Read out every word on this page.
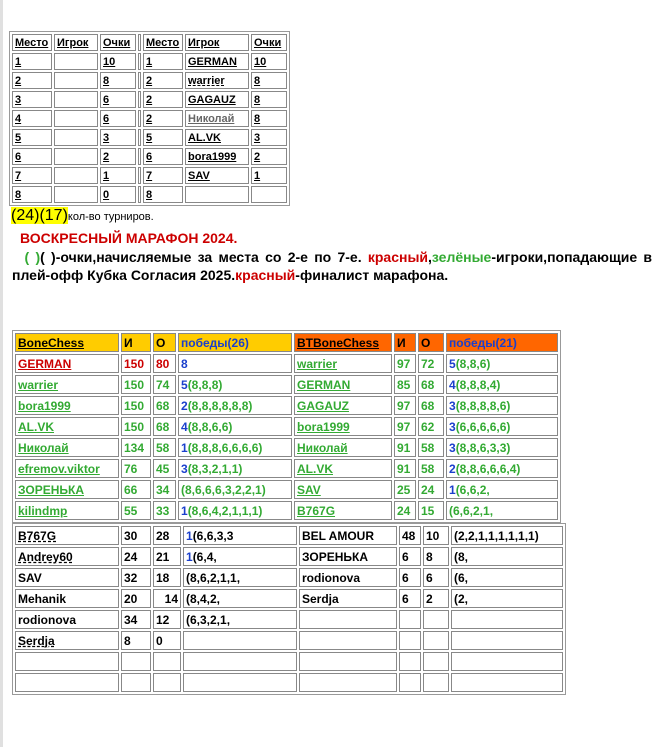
Место	Игрок	Очки		Место	Игрок	Очки
1		10		1	GERMAN	10
2		8		2	warrier	8
3		6		2	GAGAUZ	8
4		6		2	Николай	8
5		3		5	AL.VK	3
6		2		6	bora1999	2
7		1		7	SAV	1
8		0		8		
(24)(17)кол-во турниров.
ВОСКРЕСНЫЙ МАРАФОН 2024.
( )( )-очки,начисляемые за места со 2-е по 7-е. красный,зелёные-игроки,попадающие в плей-офф Кубка Согласия 2025.красный-финалист марафона.
BoneChess	И	О	победы(26)	BTBoneChess	И	О	победы(21)
GERMAN	150	80	8	warrier	97	72	5(8,8,6)
warrier	150	74	5(8,8,8)	GERMAN	85	68	4(8,8,8,4)
bora1999	150	68	2(8,8,8,8,8,8)	GAGAUZ	97	68	3(8,8,8,8,6)
AL.VK	150	68	4(8,8,6,6)	bora1999	97	62	3(6,6,6,6,6)
Николай	134	58	1(8,8,8,6,6,6,6)	Николай	91	58	3(8,8,6,3,3)
efremov.viktor	76	45	3(8,3,2,1,1)	AL.VK	91	58	2(8,8,6,6,6,4)
ЗОРЕНЬКА	66	34	(8,6,6,6,3,2,2,1)	SAV	25	24	1(6,6,2,
kilindmp	55	33	1(8,6,4,2,1,1,1)	B767G	24	15	(6,6,2,1,
B767G	30	28	1(6,6,3,3	BEL AMOUR	48	10	(2,2,1,1,1,1,1,1)
Andrey60	24	21	1(6,4,	ЗОРЕНЬКА	6	8	(8,
SAV	32	18	(8,6,2,1,1,	rodionova	6	6	(6,
Mehanik	20	14	(8,4,2,	Serdja	6	2	(2,
rodionova	34	12	(6,3,2,1,				
Serdja	8	0					
